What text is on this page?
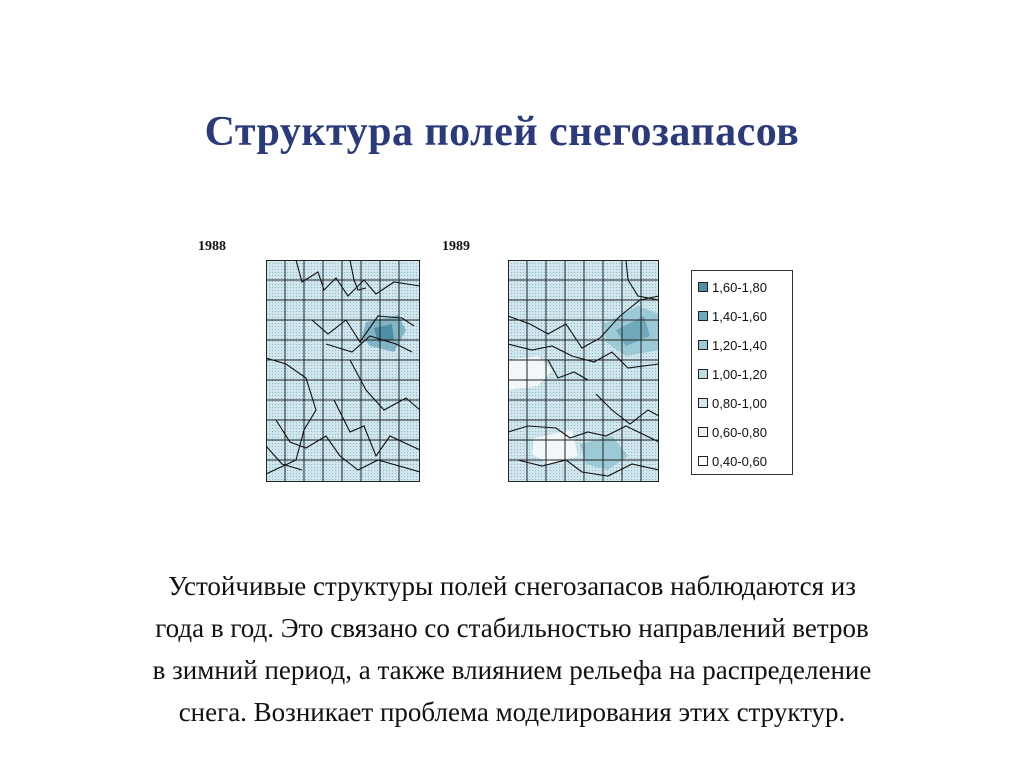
Структура полей снегозапасов
1988	1989
1,60-1,80
1,40-1,60
1,20-1,40
1,00-1,20
0,80-1,00
0,60-0,80
0,40-0,60
Устойчивые структуры полей снегозапасов наблюдаются из
года в год. Это связано со стабильностью направлений ветров
в зимний период, а также влиянием рельефа на распределение
снега. Возникает проблема моделирования этих структур.
